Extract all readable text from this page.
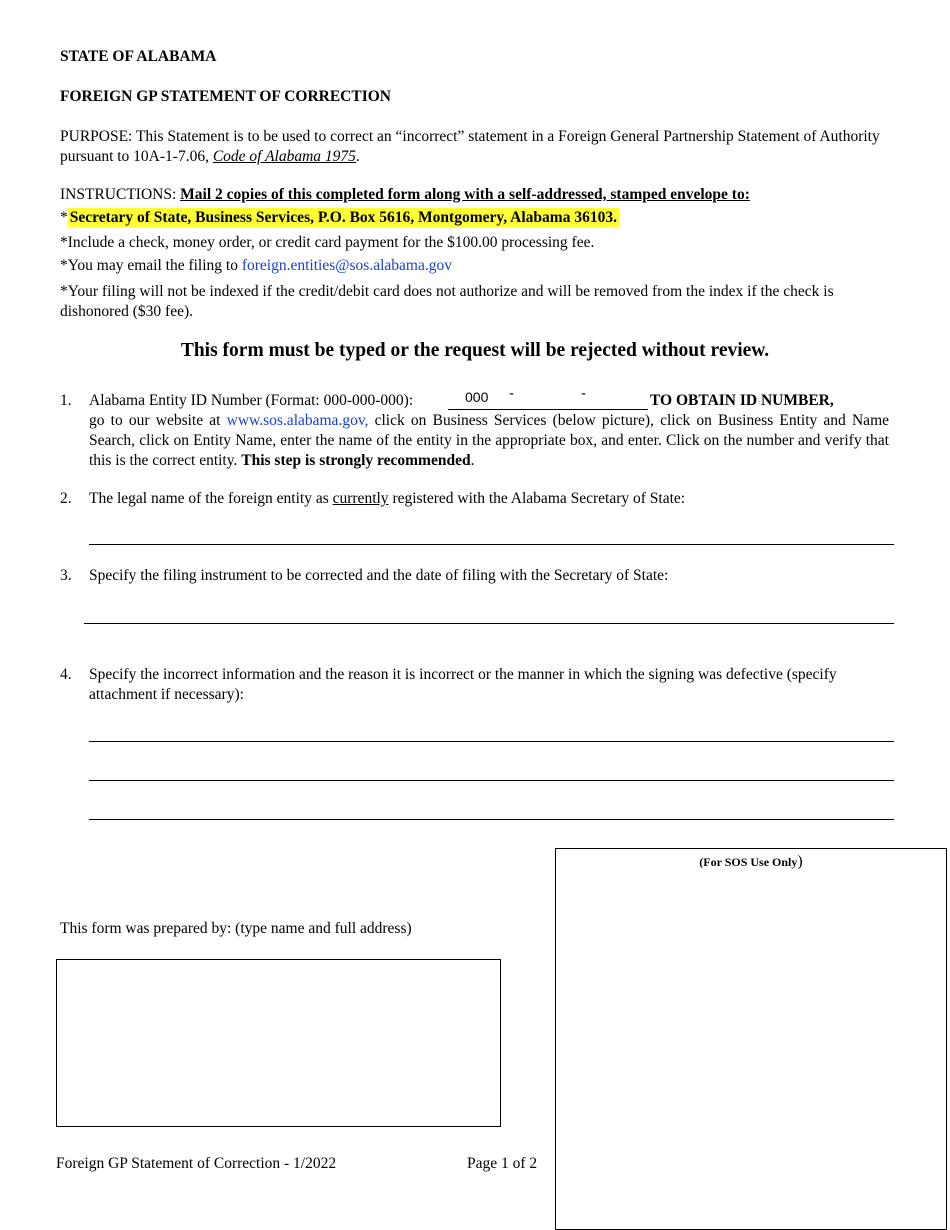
STATE OF ALABAMA
FOREIGN GP STATEMENT OF CORRECTION
PURPOSE: This Statement is to be used to correct an “incorrect” statement in a Foreign General Partnership Statement of Authority pursuant to 10A-1-7.06, Code of Alabama 1975.
INSTRUCTIONS: Mail 2 copies of this completed form along with a self-addressed, stamped envelope to:
* Secretary of State, Business Services, P.O. Box 5616, Montgomery, Alabama 36103.
*Include a check, money order, or credit card payment for the $100.00 processing fee.
*You may email the filing to foreign.entities@sos.alabama.gov
*Your filing will not be indexed if the credit/debit card does not authorize and will be removed from the index if the check is dishonored ($30 fee).
This form must be typed or the request will be rejected without review.
1. Alabama Entity ID Number (Format: 000-000-000):	000 -	-	TO OBTAIN ID NUMBER,
go to our website at www.sos.alabama.gov, click on Business Services (below picture), click on Business Entity and Name Search, click on Entity Name, enter the name of the entity in the appropriate box, and enter. Click on the number and verify that this is the correct entity. This step is strongly recommended.
2. The legal name of the foreign entity as currently registered with the Alabama Secretary of State:
3. Specify the filing instrument to be corrected and the date of filing with the Secretary of State:
4. Specify the incorrect information and the reason it is incorrect or the manner in which the signing was defective (specify attachment if necessary):
This form was prepared by: (type name and full address)
(For SOS Use Only)
Foreign GP Statement of Correction - 1/2022	Page 1 of 2
